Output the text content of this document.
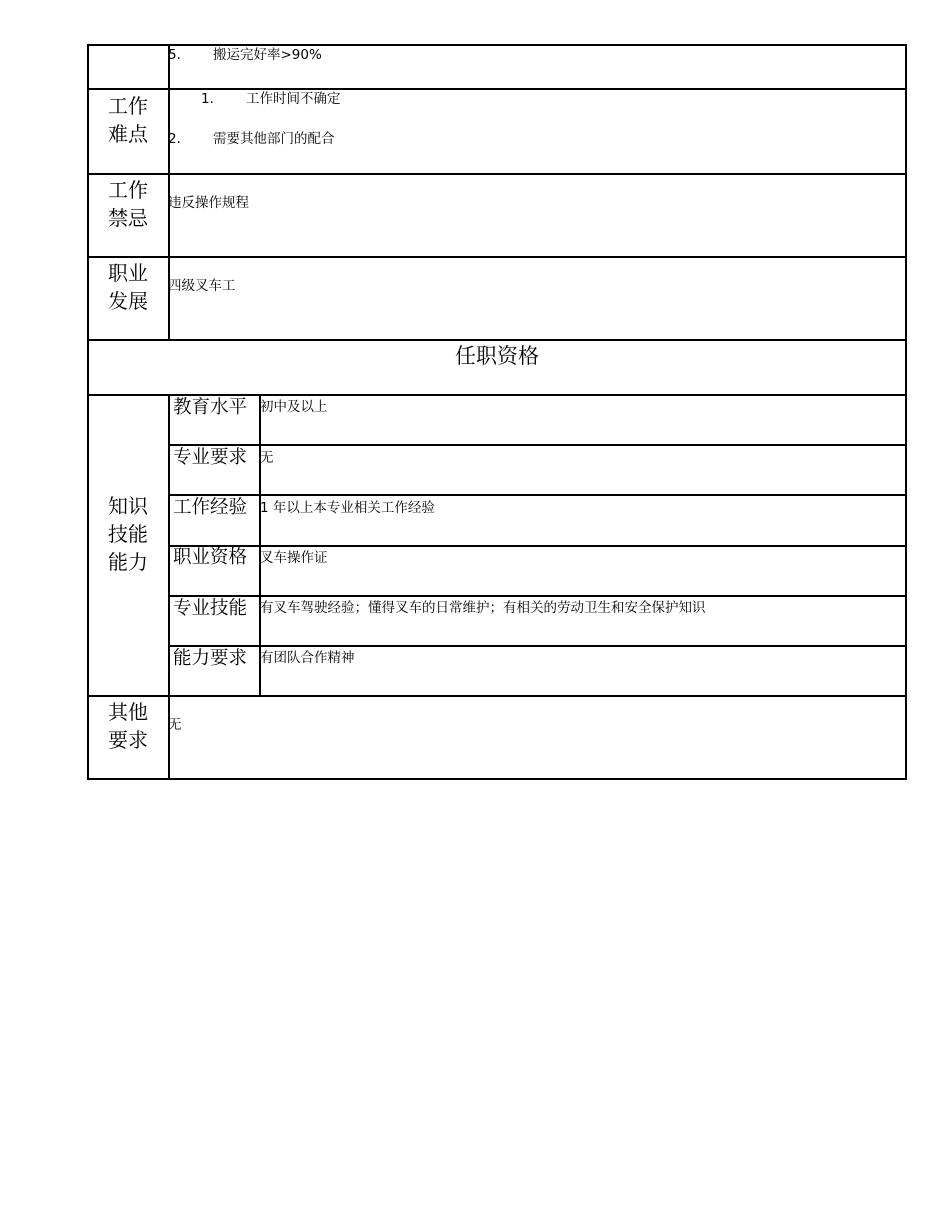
5. 搬运完好率>90%
工作
难点
1. 工作时间不确定
2. 需要其他部门的配合
工作
禁忌
违反操作规程
职业
发展
四级叉车工
任职资格
知识
技能
能力
教育水平 初中及以上
专业要求 无
工作经验 1 年以上本专业相关工作经验
职业资格 叉车操作证
专业技能 有叉车驾驶经验；懂得叉车的日常维护；有相关的劳动卫生和安全保护知识
能力要求 有团队合作精神
其他
要求
无
